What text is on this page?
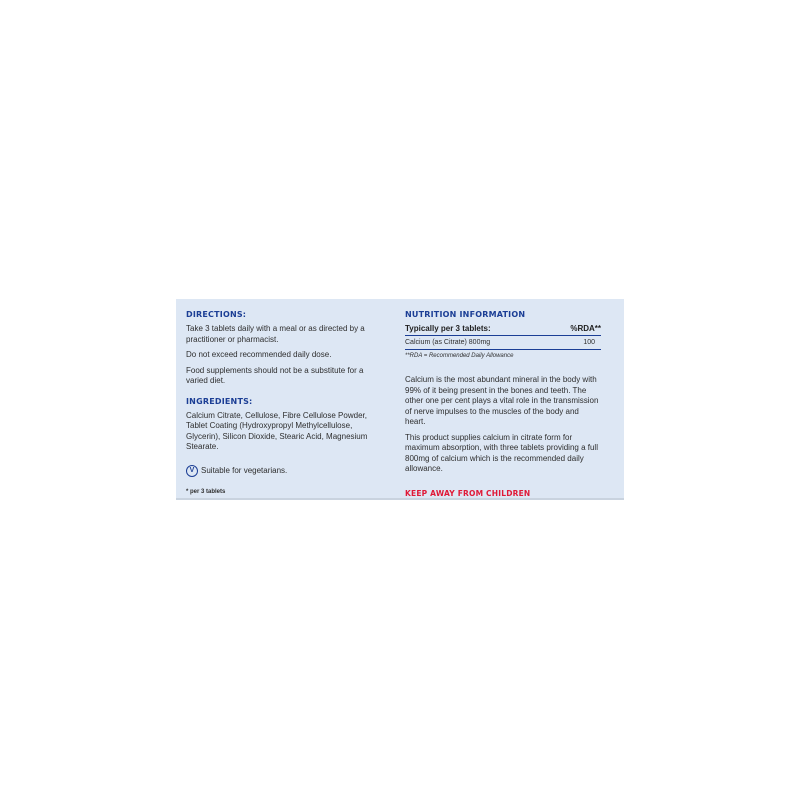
DIRECTIONS:

Take 3 tablets daily with a meal or as directed by a practitioner or pharmacist.

Do not exceed recommended daily dose.

Food supplements should not be a substitute for a varied diet.

INGREDIENTS:

Calcium Citrate, Cellulose, Fibre Cellulose Powder, Tablet Coating (Hydroxypropyl Methylcellulose, Glycerin), Silicon Dioxide, Stearic Acid, Magnesium Stearate.

V Suitable for vegetarians.
* per 3 tablets
NUTRITION INFORMATION
Typically per 3 tablets:	%RDA**
Calcium (as Citrate) 800mg	100
**RDA = Recommended Daily Allowance

Calcium is the most abundant mineral in the body with 99% of it being present in the bones and teeth. The other one per cent plays a vital role in the transmission of nerve impulses to the muscles of the body and heart.

This product supplies calcium in citrate form for maximum absorption, with three tablets providing a full 800mg of calcium which is the recommended daily allowance.

KEEP AWAY FROM CHILDREN
